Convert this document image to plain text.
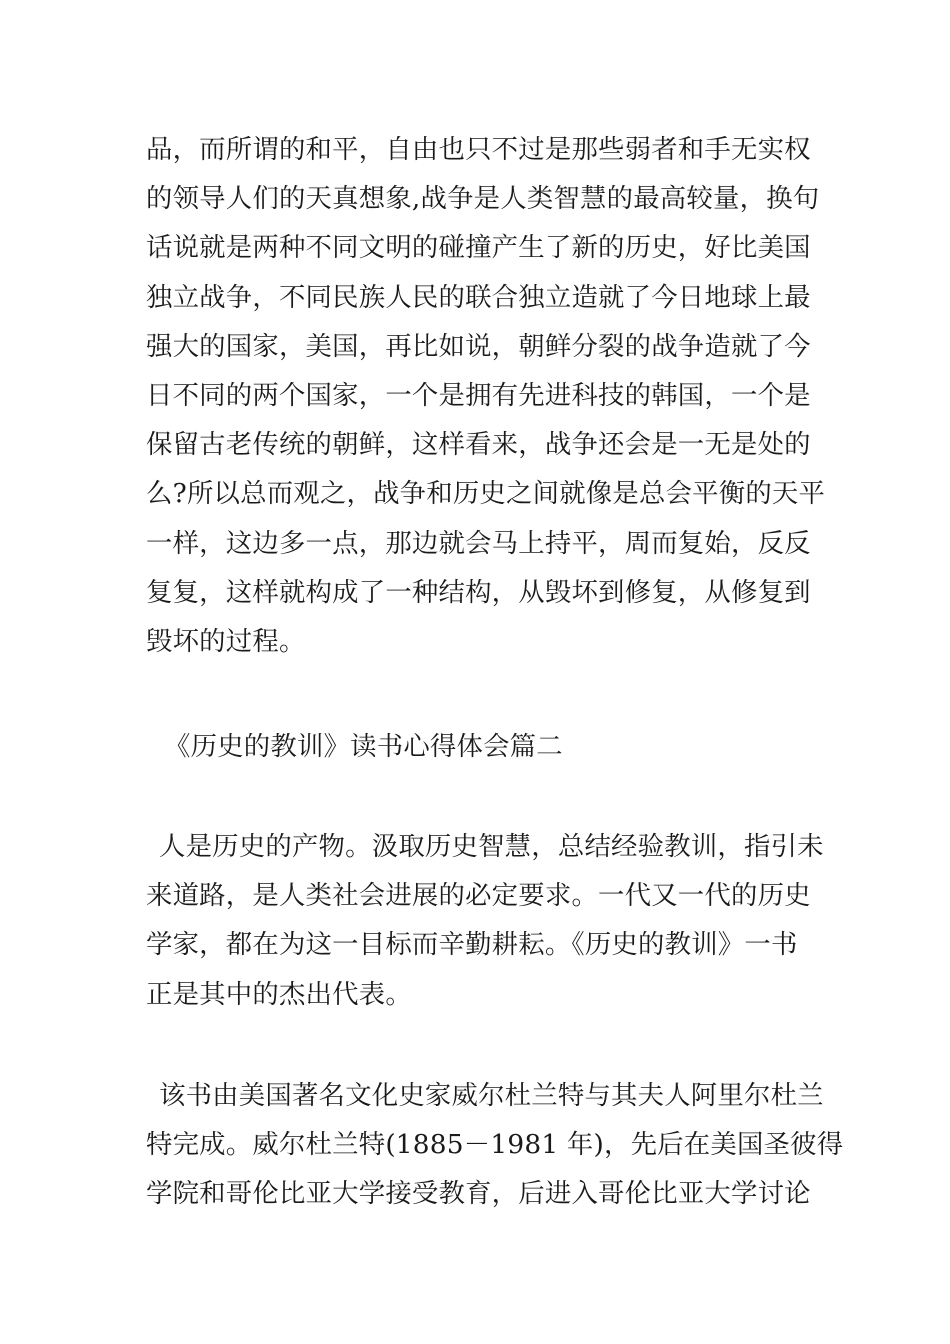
品，而所谓的和平，自由也只不过是那些弱者和手无实权
的领导人们的天真想象,战争是人类智慧的最高较量，换句
话说就是两种不同文明的碰撞产生了新的历史，好比美国
独立战争，不同民族人民的联合独立造就了今日地球上最
强大的国家，美国，再比如说，朝鲜分裂的战争造就了今
日不同的两个国家，一个是拥有先进科技的韩国，一个是
保留古老传统的朝鲜，这样看来，战争还会是一无是处的
么?所以总而观之，战争和历史之间就像是总会平衡的天平
一样，这边多一点，那边就会马上持平，周而复始，反反
复复，这样就构成了一种结构，从毁坏到修复，从修复到
毁坏的过程。
《历史的教训》读书心得体会篇二
人是历史的产物。汲取历史智慧，总结经验教训，指引未
来道路，是人类社会进展的必定要求。一代又一代的历史
学家，都在为这一目标而辛勤耕耘。《历史的教训》一书
正是其中的杰出代表。
该书由美国著名文化史家威尔杜兰特与其夫人阿里尔杜兰
特完成。威尔杜兰特(1885－1981 年)，先后在美国圣彼得
学院和哥伦比亚大学接受教育，后进入哥伦比亚大学讨论
